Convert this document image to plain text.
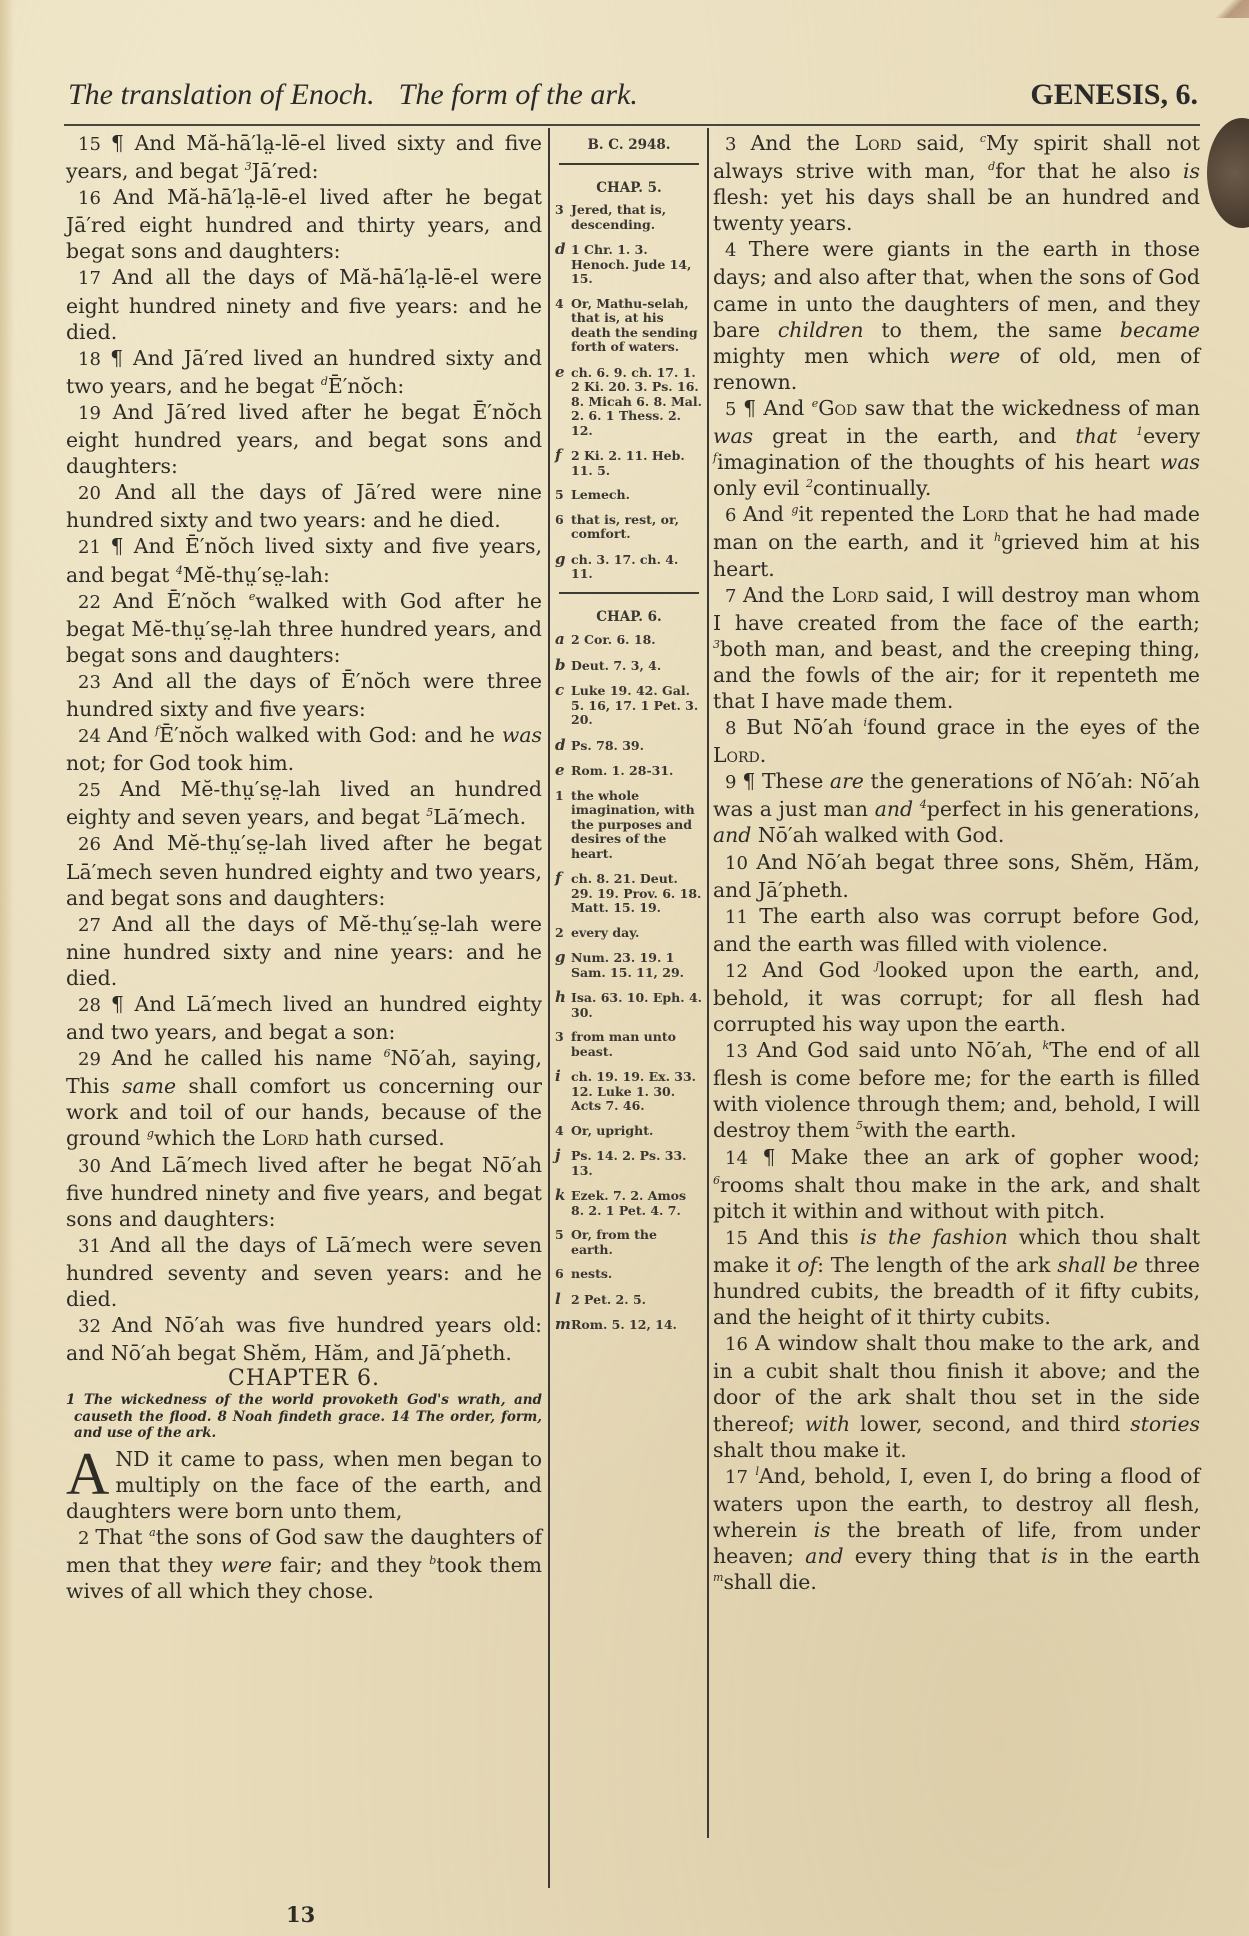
The translation of Enoch. The form of the ark.	GENESIS, 6.

15 ¶ And Mă-hā′la̤-lē-el lived sixty and five years, and begat $^3$Jā′red:

16 And Mă-hā′la̤-lē-el lived after he begat Jā′red eight hundred and thirty years, and begat sons and daughters:

17 And all the days of Mă-hā′la̤-lē-el were eight hundred ninety and five years: and he died.

18 ¶ And Jā′red lived an hundred sixty and two years, and he begat $^d$Ē′nŏch:

19 And Jā′red lived after he begat Ē′nŏch eight hundred years, and begat sons and daughters:

20 And all the days of Jā′red were nine hundred sixty and two years: and he died.

21 ¶ And Ē′nŏch lived sixty and five years, and begat $^4$Mĕ-thṳ′se̤-lah:

22 And Ē′nŏch $^e$walked with God after he begat Mĕ-thṳ′se̤-lah three hundred years, and begat sons and daughters:

23 And all the days of Ē′nŏch were three hundred sixty and five years:

24 And $^f$Ē′nŏch walked with God: and he was not; for God took him.

25 And Mĕ-thṳ′se̤-lah lived an hundred eighty and seven years, and begat $^5$Lā′mech.

26 And Mĕ-thṳ′se̤-lah lived after he begat Lā′mech seven hundred eighty and two years, and begat sons and daughters:

27 And all the days of Mĕ-thṳ′se̤-lah were nine hundred sixty and nine years: and he died.

28 ¶ And Lā′mech lived an hundred eighty and two years, and begat a son:

29 And he called his name $^6$Nō′ah, saying, This same shall comfort us concerning our work and toil of our hands, because of the ground $^g$which the Lord hath cursed.

30 And Lā′mech lived after he begat Nō′ah five hundred ninety and five years, and begat sons and daughters:

31 And all the days of Lā′mech were seven hundred seventy and seven years: and he died.

32 And Nō′ah was five hundred years old: and Nō′ah begat Shĕm, Hăm, and Jā′pheth.

CHAPTER 6.

1 The wickedness of the world provoketh God's wrath, and causeth the flood. 8 Noah findeth grace. 14 The order, form, and use of the ark.

A ND it came to pass, when men began to multiply on the face of the earth, and daughters were born unto them,

2 That $^a$the sons of God saw the daughters of men that they were fair; and they $^b$took them wives of all which they chose.

B. C. 2948.
CHAP. 5.
3 Jered, that is, descending.
d 1 Chr. 1. 3. Henoch. Jude 14, 15.
4 Or, Mathu-selah, that is, at his death the sending forth of waters.
e ch. 6. 9. ch. 17. 1. 2 Ki. 20. 3. Ps. 16. 8. Micah 6. 8. Mal. 2. 6. 1 Thess. 2. 12.
f 2 Ki. 2. 11. Heb. 11. 5.
5 Lemech.
6 that is, rest, or, comfort.
g ch. 3. 17. ch. 4. 11.
CHAP. 6.
a 2 Cor. 6. 18.
b Deut. 7. 3, 4.
c Luke 19. 42. Gal. 5. 16, 17. 1 Pet. 3. 20.
d Ps. 78. 39.
e Rom. 1. 28-31.
1 the whole imagination, with the purposes and desires of the heart.
f ch. 8. 21. Deut. 29. 19. Prov. 6. 18. Matt. 15. 19.
2 every day.
g Num. 23. 19. 1 Sam. 15. 11, 29.
h Isa. 63. 10. Eph. 4. 30.
3 from man unto beast.
i ch. 19. 19. Ex. 33. 12. Luke 1. 30. Acts 7. 46.
4 Or, upright.
j Ps. 14. 2. Ps. 33. 13.
k Ezek. 7. 2. Amos 8. 2. 1 Pet. 4. 7.
5 Or, from the earth.
6 nests.
l 2 Pet. 2. 5.
mRom. 5. 12, 14.

3 And the Lord said, $^c$My spirit shall not always strive with man, $^d$for that he also is flesh: yet his days shall be an hundred and twenty years.

4 There were giants in the earth in those days; and also after that, when the sons of God came in unto the daughters of men, and they bare children to them, the same became mighty men which were of old, men of renown.

5 ¶ And $^e$God saw that the wickedness of man was great in the earth, and that $^1$every $^f$imagination of the thoughts of his heart was only evil $^2$continually.

6 And $^g$it repented the Lord that he had made man on the earth, and it $^h$grieved him at his heart.

7 And the Lord said, I will destroy man whom I have created from the face of the earth; $^3$both man, and beast, and the creeping thing, and the fowls of the air; for it repenteth me that I have made them.

8 But Nō′ah $^i$found grace in the eyes of the Lord.

9 ¶ These are the generations of Nō′ah: Nō′ah was a just man and $^4$perfect in his generations, and Nō′ah walked with God.

10 And Nō′ah begat three sons, Shĕm, Hăm, and Jā′pheth.

11 The earth also was corrupt before God, and the earth was filled with violence.

12 And God $^j$looked upon the earth, and, behold, it was corrupt; for all flesh had corrupted his way upon the earth.

13 And God said unto Nō′ah, $^k$The end of all flesh is come before me; for the earth is filled with violence through them; and, behold, I will destroy them $^5$with the earth.

14 ¶ Make thee an ark of gopher wood; $^6$rooms shalt thou make in the ark, and shalt pitch it within and without with pitch.

15 And this is the fashion which thou shalt make it of: The length of the ark shall be three hundred cubits, the breadth of it fifty cubits, and the height of it thirty cubits.

16 A window shalt thou make to the ark, and in a cubit shalt thou finish it above; and the door of the ark shalt thou set in the side thereof; with lower, second, and third stories shalt thou make it.

17 $^l$And, behold, I, even I, do bring a flood of waters upon the earth, to destroy all flesh, wherein is the breath of life, from under heaven; and every thing that is in the earth $^m$shall die.

13
